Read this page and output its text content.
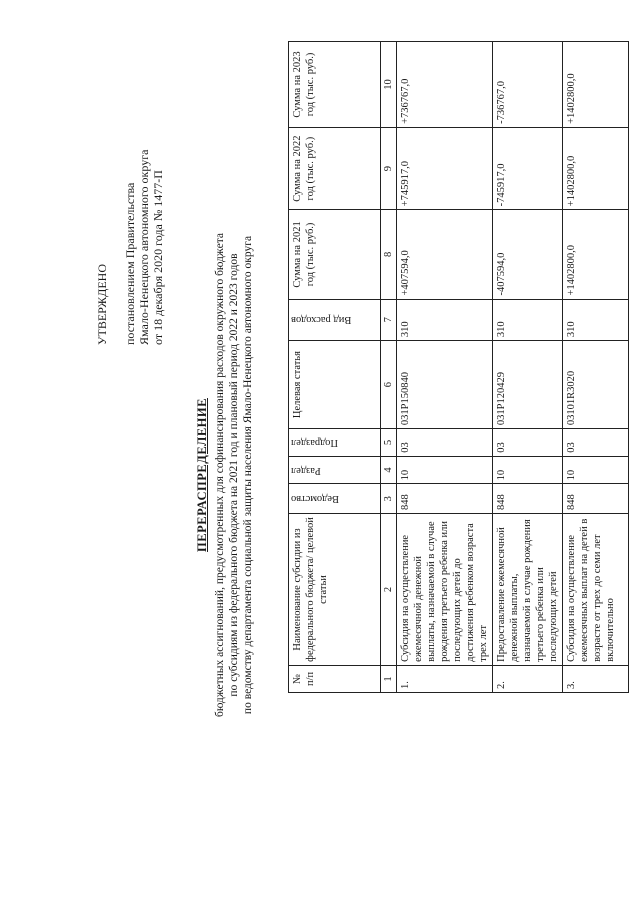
УТВЕРЖДЕНО постановлением Правительства Ямало-Ненецкого автономного округа от 18 декабря 2020 года № 1477-П
ПЕРЕРАСПРЕДЕЛЕНИЕ бюджетных ассигнований, предусмотренных для софинансирования расходов окружного бюджета по субсидиям из федерального бюджета на 2021 год и плановый период 2022 и 2023 годов по ведомству департамента социальной защиты населения Ямало-Ненецкого автономного округа	№ п/п	Наименование субсидии из федерального бюджета/ целевой статьи	Ведомство	Раздел	Подраздел	Целевая статья	Вид расходов	Сумма на 2021 год (тыс. руб.)	Сумма на 2022 год (тыс. руб.)	Сумма на 2023 год (тыс. руб.)
1	2	3	4	5	6	7	8	9	10
1.	Субсидия на осуществление ежемесячной денежной выплаты, назначаемой в случае рождения третьего ребенка или последующих детей до достижения ребенком возраста трех лет	848	10	03	031P150840	310	+407594,0	+745917,0	+736767,0
2.	Предоставление ежемесячной денежной выплаты, назначаемой в случае рождения третьего ребенка или последующих детей	848	10	03	031P120429	310	-407594,0	-745917,0	-736767,0
3.	Субсидия на осуществление ежемесячных выплат на детей в возрасте от трех до семи лет включительно	848	10	03	03101R3020	310	+1402800,0	+1402800,0	+1402800,0
